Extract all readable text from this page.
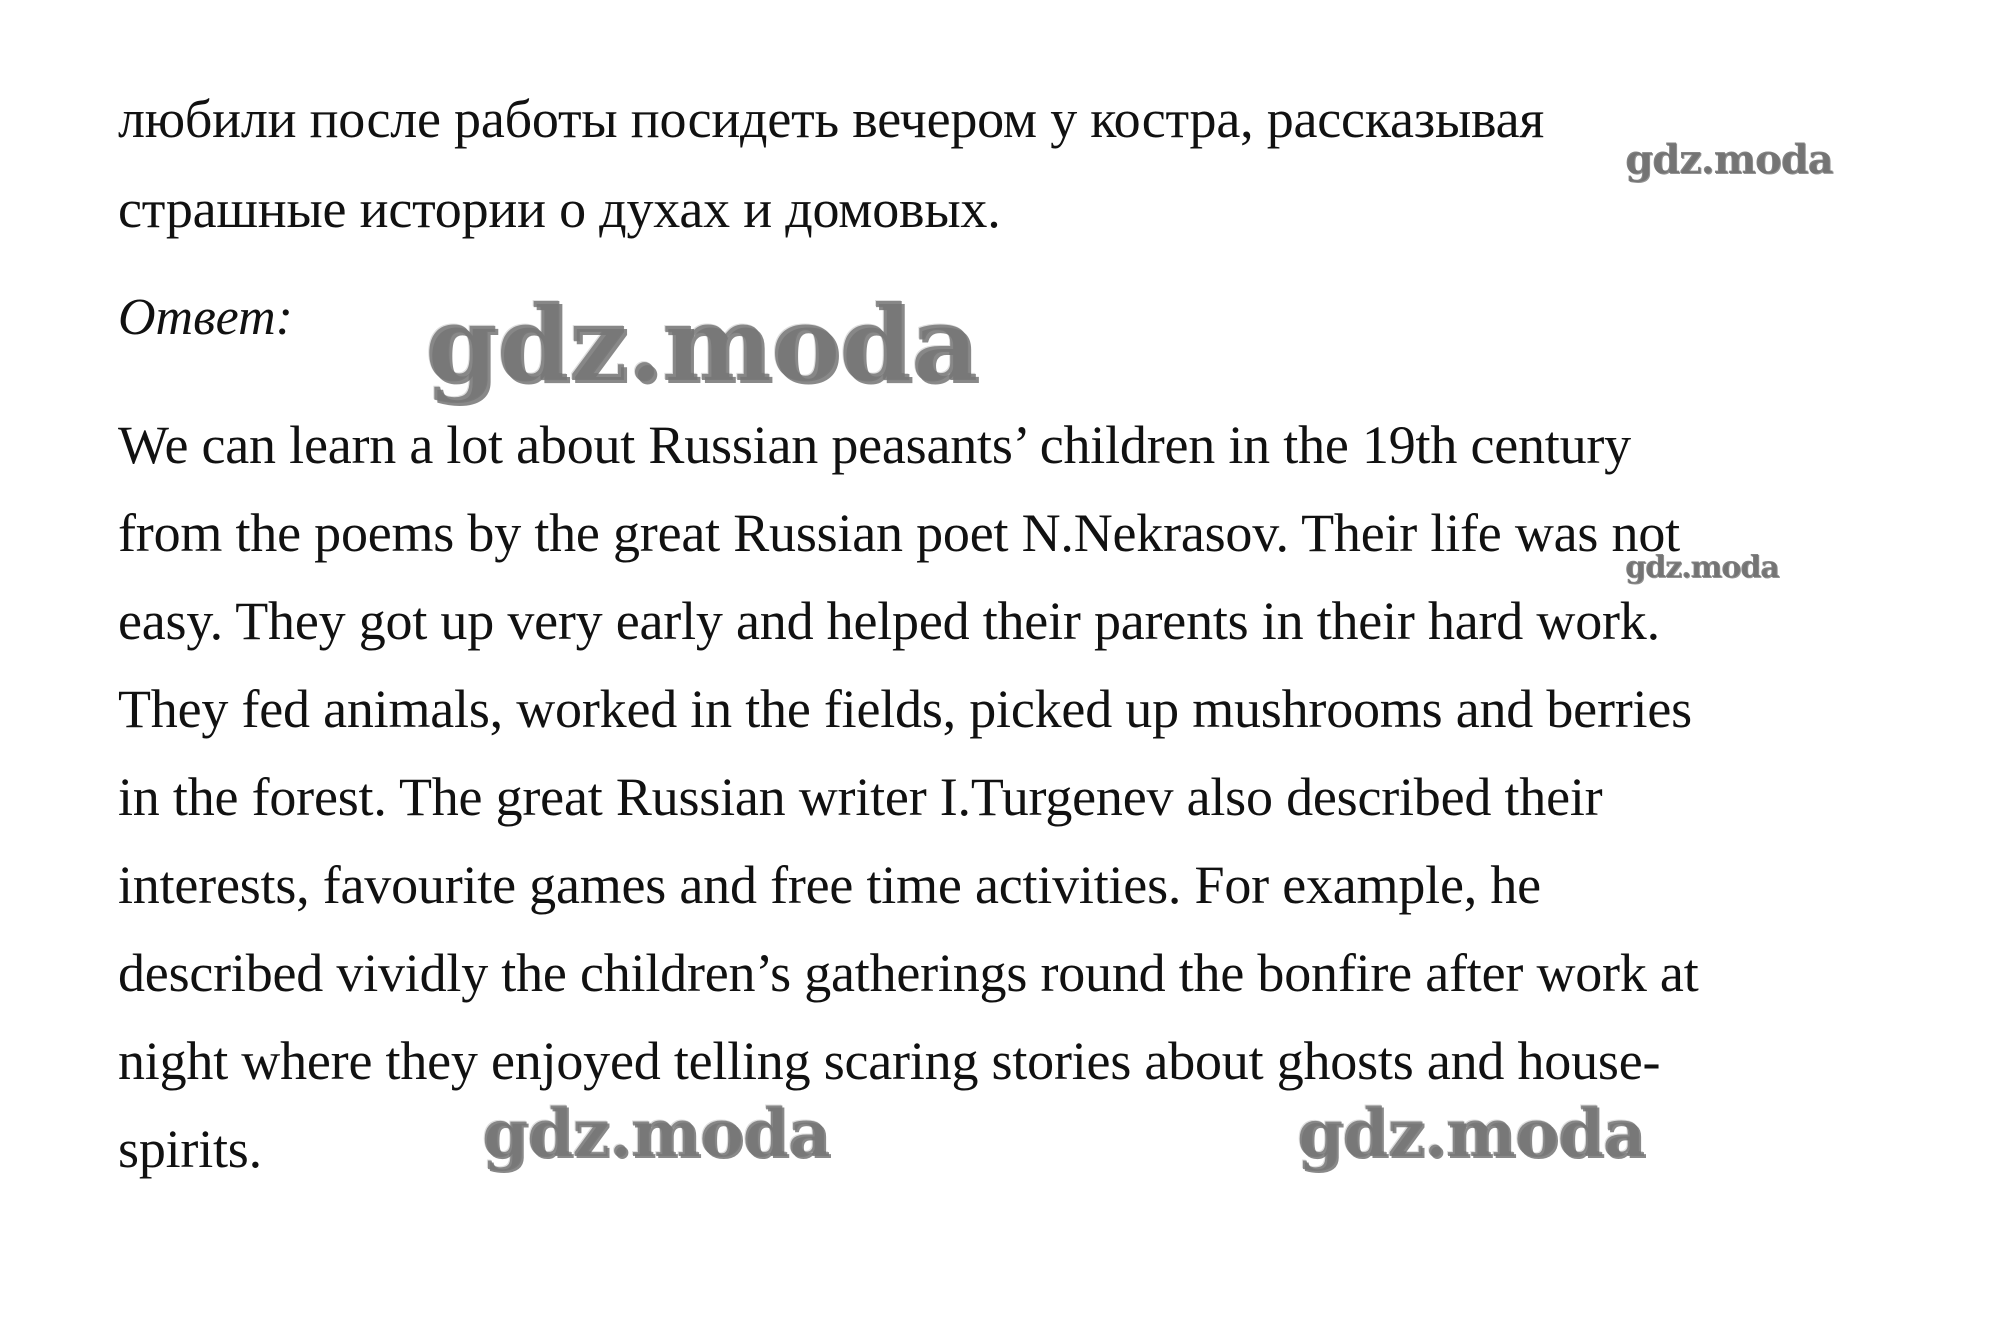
любили после работы посидеть вечером у костра, рассказывая
страшные истории о духах и домовых.
Ответ:
We can learn a lot about Russian peasants’ children in the 19th century
from the poems by the great Russian poet N.Nekrasov. Their life was not
easy. They got up very early and helped their parents in their hard work.
They fed animals, worked in the fields, picked up mushrooms and berries
in the forest. The great Russian writer I.Turgenev also described their
interests, favourite games and free time activities. For example, he
described vividly the children’s gatherings round the bonfire after work at
night where they enjoyed telling scaring stories about ghosts and house-
spirits.
gdz.moda
gdz.moda
gdz.moda
gdz.moda	gdz.moda
